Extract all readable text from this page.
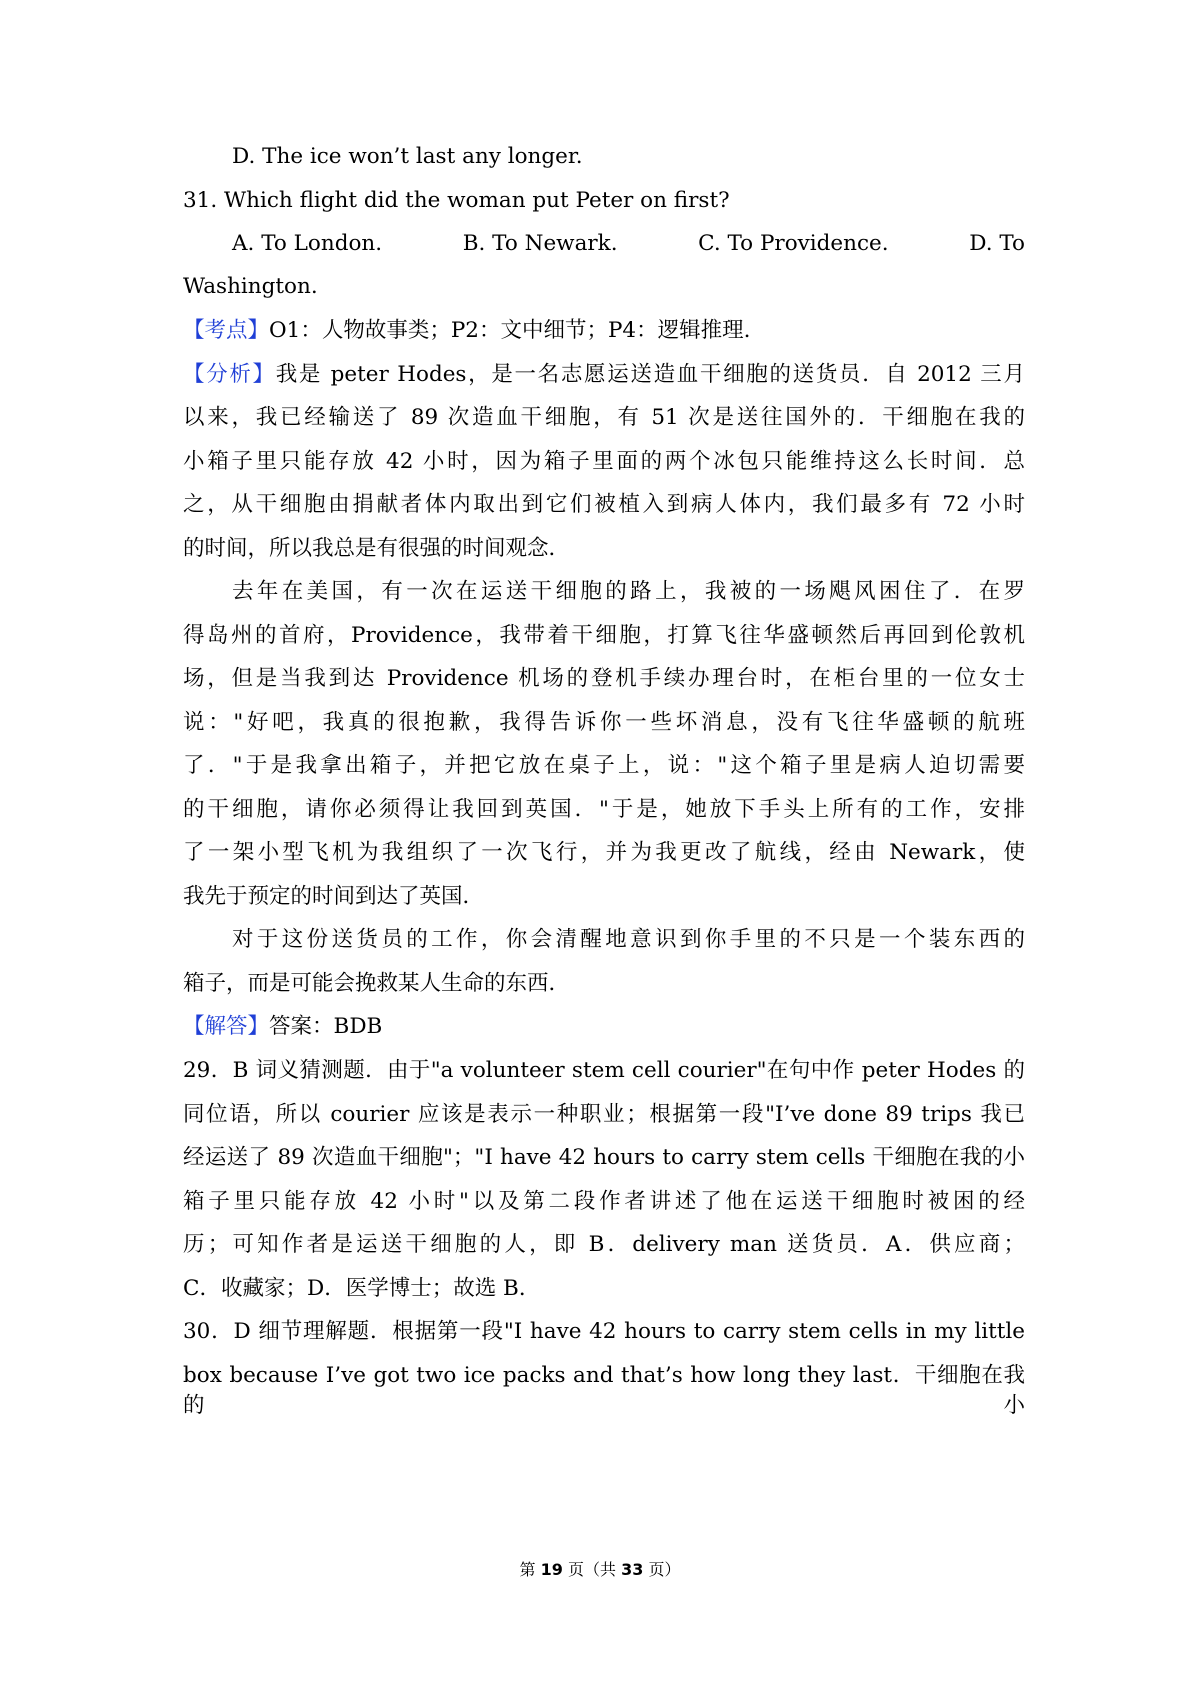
D. The ice won’t last any longer.
31. Which flight did the woman put Peter on first?
A. To London.	B. To Newark.	C. To Providence.	D. To
Washington.
【考点】O1：人物故事类；P2：文中细节；P4：逻辑推理.
【分析】我是 peter Hodes，是一名志愿运送造血干细胞的送货员．自 2012 三月
以来，我已经输送了 89 次造血干细胞，有 51 次是送往国外的．干细胞在我的
小箱子里只能存放 42 小时，因为箱子里面的两个冰包只能维持这么长时间．总
之，从干细胞由捐献者体内取出到它们被植入到病人体内，我们最多有 72 小时
的时间，所以我总是有很强的时间观念．
去年在美国，有一次在运送干细胞的路上，我被的一场飓风困住了．在罗
得岛州的首府，Providence，我带着干细胞，打算飞往华盛顿然后再回到伦敦机
场，但是当我到达 Providence 机场的登机手续办理台时，在柜台里的一位女士
说："好吧，我真的很抱歉，我得告诉你一些坏消息，没有飞往华盛顿的航班
了．"于是我拿出箱子，并把它放在桌子上，说："这个箱子里是病人迫切需要
的干细胞，请你必须得让我回到英国．"于是，她放下手头上所有的工作，安排
了一架小型飞机为我组织了一次飞行，并为我更改了航线，经由 Newark，使
我先于预定的时间到达了英国．
对于这份送货员的工作，你会清醒地意识到你手里的不只是一个装东西的
箱子，而是可能会挽救某人生命的东西．
【解答】答案：BDB
29．B 词义猜测题．由于"a volunteer stem cell courier"在句中作 peter Hodes 的
同位语，所以 courier 应该是表示一种职业；根据第一段"I’ve done 89 trips 我已
经运送了 89 次造血干细胞"；"I have 42 hours to carry stem cells 干细胞在我的小
箱子里只能存放 42 小时"以及第二段作者讲述了他在运送干细胞时被困的经
历；可知作者是运送干细胞的人，即 B．delivery man 送货员．A．供应商；
C．收藏家；D．医学博士；故选 B．
30．D 细节理解题．根据第一段"I have 42 hours to carry stem cells in my little
box because I’ve got two ice packs and that’s how long they last．干细胞在我的小
第 19 页（共 33 页）
